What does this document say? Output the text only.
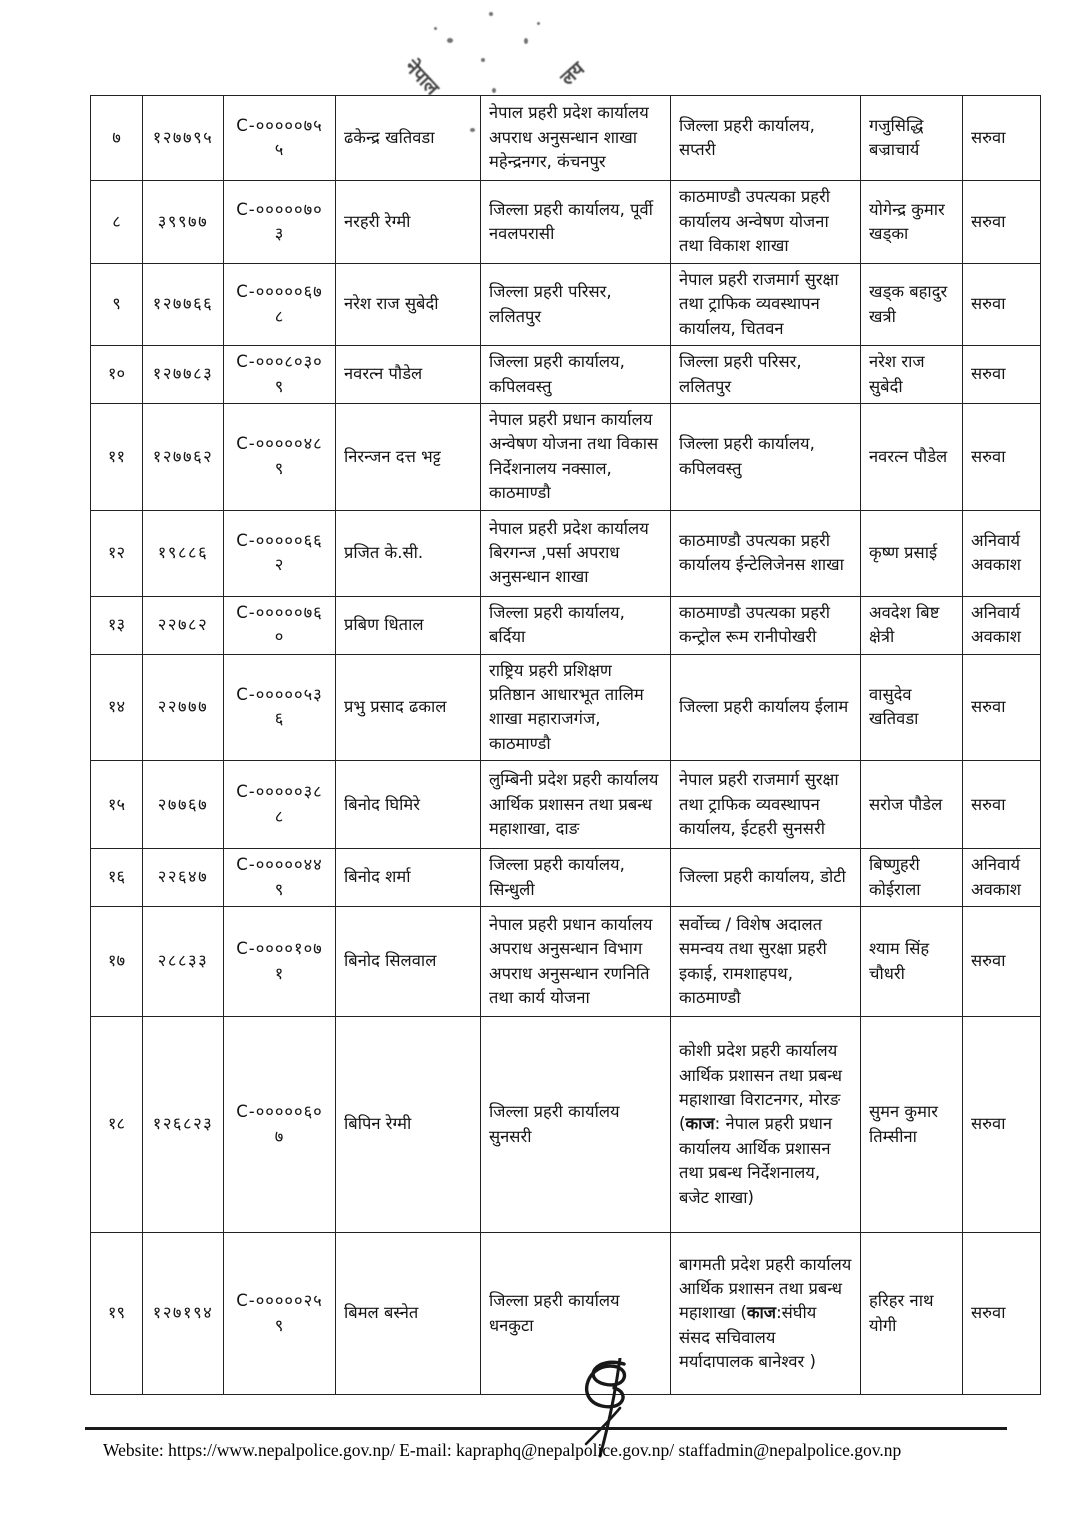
नेपाल	लय
७	१२७७९५	C-०००००७५५	ढकेन्द्र खतिवडा	नेपाल प्रहरी प्रदेश कार्यालय अपराध अनुसन्धान शाखा महेन्द्रनगर, कंचनपुर	जिल्ला प्रहरी कार्यालय, सप्तरी	गजुसिद्धि बज्राचार्य	सरुवा
८	३९९७७	C-०००००७०३	नरहरी रेग्मी	जिल्ला प्रहरी कार्यालय, पूर्वी नवलपरासी	काठमाण्डौ उपत्यका प्रहरी कार्यालय अन्वेषण योजना तथा विकाश शाखा	योगेन्द्र कुमार खड्का	सरुवा
९	१२७७६६	C-०००००६७८	नरेश राज सुबेदी	जिल्ला प्रहरी परिसर, ललितपुर	नेपाल प्रहरी राजमार्ग सुरक्षा तथा ट्राफिक व्यवस्थापन कार्यालय, चितवन	खड्क बहादुर खत्री	सरुवा
१०	१२७७८३	C-०००८०३०९	नवरत्न पौडेल	जिल्ला प्रहरी कार्यालय, कपिलवस्तु	जिल्ला प्रहरी परिसर, ललितपुर	नरेश राज सुबेदी	सरुवा
११	१२७७६२	C-०००००४८९	निरन्जन दत्त भट्ट	नेपाल प्रहरी प्रधान कार्यालय अन्वेषण योजना तथा विकास निर्देशनालय नक्साल, काठमाण्डौ	जिल्ला प्रहरी कार्यालय, कपिलवस्तु	नवरत्न पौडेल	सरुवा
१२	१९८८६	C-०००००६६२	प्रजित के.सी.	नेपाल प्रहरी प्रदेश कार्यालय बिरगन्ज ,पर्सा अपराध अनुसन्धान शाखा	काठमाण्डौ उपत्यका प्रहरी कार्यालय ईन्टेलिजेनस शाखा	कृष्ण प्रसाई	अनिवार्य अवकाश
१३	२२७८२	C-०००००७६०	प्रबिण धिताल	जिल्ला प्रहरी कार्यालय, बर्दिया	काठमाण्डौ उपत्यका प्रहरी कन्ट्रोल रूम रानीपोखरी	अवदेश बिष्ट क्षेत्री	अनिवार्य अवकाश
१४	२२७७७	C-०००००५३६	प्रभु प्रसाद ढकाल	राष्ट्रिय प्रहरी प्रशिक्षण प्रतिष्ठान आधारभूत तालिम शाखा महाराजगंज, काठमाण्डौ	जिल्ला प्रहरी कार्यालय ईलाम	वासुदेव खतिवडा	सरुवा
१५	२७७६७	C-०००००३८८	बिनोद घिमिरे	लुम्बिनी प्रदेश प्रहरी कार्यालय आर्थिक प्रशासन तथा प्रबन्ध महाशाखा, दाङ	नेपाल प्रहरी राजमार्ग सुरक्षा तथा ट्राफिक व्यवस्थापन कार्यालय, ईटहरी सुनसरी	सरोज पौडेल	सरुवा
१६	२२६४७	C-०००००४४९	बिनोद शर्मा	जिल्ला प्रहरी कार्यालय, सिन्धुली	जिल्ला प्रहरी कार्यालय, डोटी	बिष्णुहरी कोईराला	अनिवार्य अवकाश
१७	२८८३३	C-००००१०७१	बिनोद सिलवाल	नेपाल प्रहरी प्रधान कार्यालय अपराध अनुसन्धान विभाग अपराध अनुसन्धान रणनिति तथा कार्य योजना	सर्वोच्च / विशेष अदालत समन्वय तथा सुरक्षा प्रहरी इकाई, रामशाहपथ, काठमाण्डौ	श्याम सिंह चौधरी	सरुवा
१८	१२६८२३	C-०००००६०७	बिपिन रेग्मी	जिल्ला प्रहरी कार्यालय सुनसरी	कोशी प्रदेश प्रहरी कार्यालय आर्थिक प्रशासन तथा प्रबन्ध महाशाखा विराटनगर, मोरङ (काज: नेपाल प्रहरी प्रधान कार्यालय आर्थिक प्रशासन तथा प्रबन्ध निर्देशनालय, बजेट शाखा)	सुमन कुमार तिम्सीना	सरुवा
१९	१२७१९४	C-०००००२५९	बिमल बस्नेत	जिल्ला प्रहरी कार्यालय धनकुटा	बागमती प्रदेश प्रहरी कार्यालय आर्थिक प्रशासन तथा प्रबन्ध महाशाखा (काज:संघीय संसद सचिवालय मर्यादापालक बानेश्वर )	हरिहर नाथ योगी	सरुवा
Website: https://www.nepalpolice.gov.np/ E-mail: kapraphq@nepalpolice.gov.np/ staffadmin@nepalpolice.gov.np
